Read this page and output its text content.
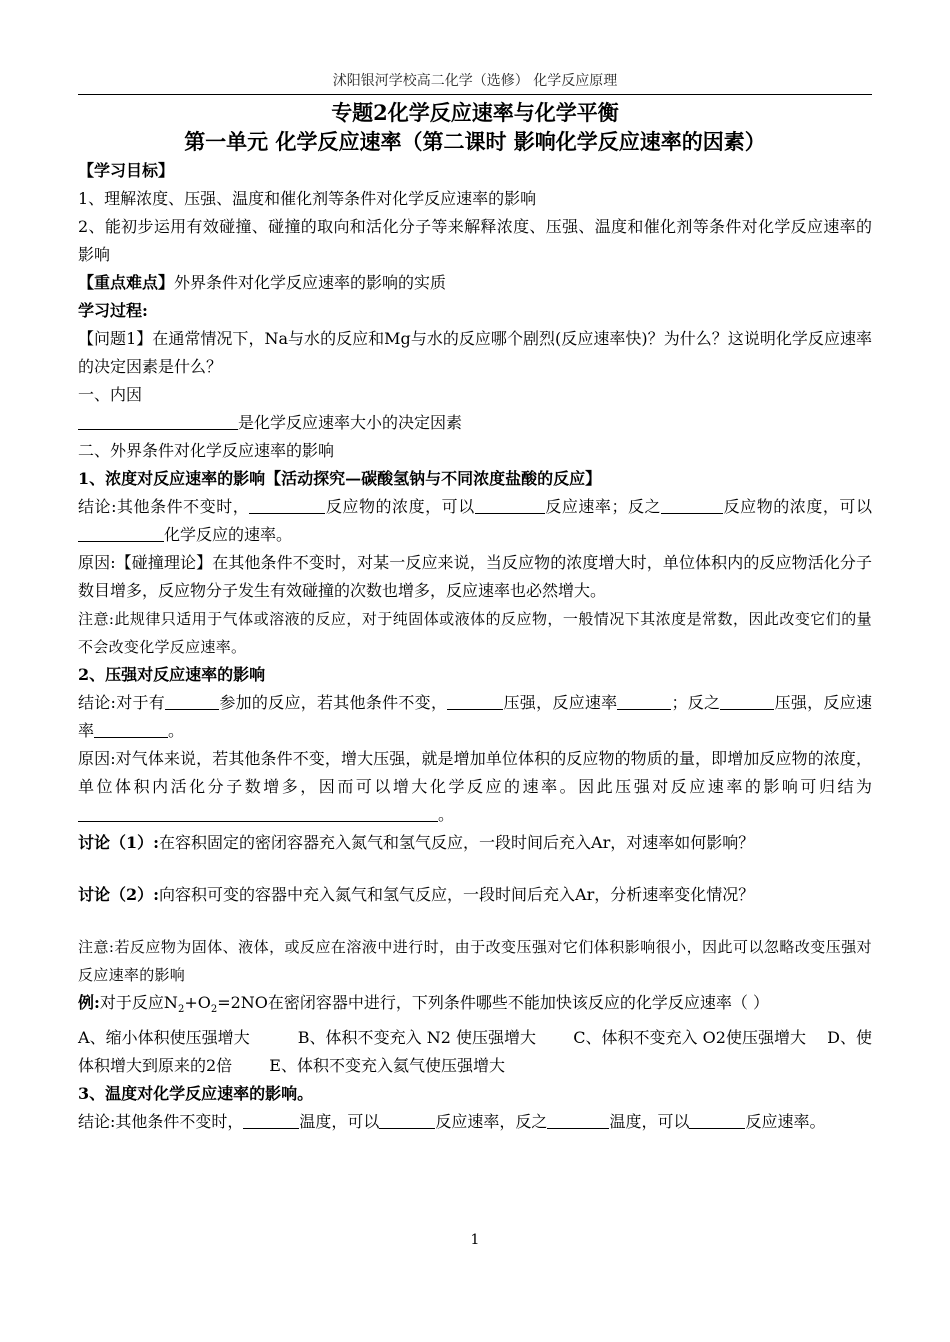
沭阳银河学校高二化学（选修） 化学反应原理
专题2化学反应速率与化学平衡
第一单元 化学反应速率（第二课时 影响化学反应速率的因素）

【学习目标】

1、理解浓度、压强、温度和催化剂等条件对化学反应速率的影响

2、能初步运用有效碰撞、碰撞的取向和活化分子等来解释浓度、压强、温度和催化剂等条件对化学反应速率的影响

【重点难点】外界条件对化学反应速率的影响的实质

学习过程:

【问题1】在通常情况下，Na与水的反应和Mg与水的反应哪个剧烈(反应速率快)？为什么？这说明化学反应速率的决定因素是什么？

一、内因

是化学反应速率大小的决定因素

二、外界条件对化学反应速率的影响

1、浓度对反应速率的影响【活动探究—碳酸氢钠与不同浓度盐酸的反应】

结论:其他条件不变时，	反应物的浓度，可以	反应速率；反之	反应物的浓度，可以化学反应的速率。

原因:【碰撞理论】在其他条件不变时，对某一反应来说，当反应物的浓度增大时，单位体积内的反应物活化分子数目增多，反应物分子发生有效碰撞的次数也增多，反应速率也必然增大。

注意:此规律只适用于气体或溶液的反应，对于纯固体或液体的反应物，一般情况下其浓度是常数，因此改变它们的量不会改变化学反应速率。

2、压强对反应速率的影响

结论:对于有	参加的反应，若其他条件不变，	压强，反应速率	；反之	压强，反应速率	。

原因:对气体来说，若其他条件不变，增大压强，就是增加单位体积的反应物的物质的量，即增加反应物的浓度，单位体积内活化分子数增多，因而可以增大化学反应的速率。因此压强对反应速率的影响可归结为。

讨论（1）:在容积固定的密闭容器充入氮气和氢气反应，一段时间后充入Ar，对速率如何影响？

讨论（2）:向容积可变的容器中充入氮气和氢气反应，一段时间后充入Ar，分析速率变化情况？

注意:若反应物为固体、液体，或反应在溶液中进行时，由于改变压强对它们体积影响很小，因此可以忽略改变压强对反应速率的影响

例:对于反应$N_2+O_2=2NO$在密闭容器中进行，下列条件哪些不能加快该反应的化学反应速率（ ）

A、缩小体积使压强增大　　　B、体积不变充入 N2 使压强增大　　 C、体积不变充入 O2使压强增大　 D、使体积增大到原来的2倍　　 E、体积不变充入氦气使压强增大

3、温度对化学反应速率的影响。

结论:其他条件不变时，	温度，可以	反应速率，反之	温度，可以	反应速率。

1
